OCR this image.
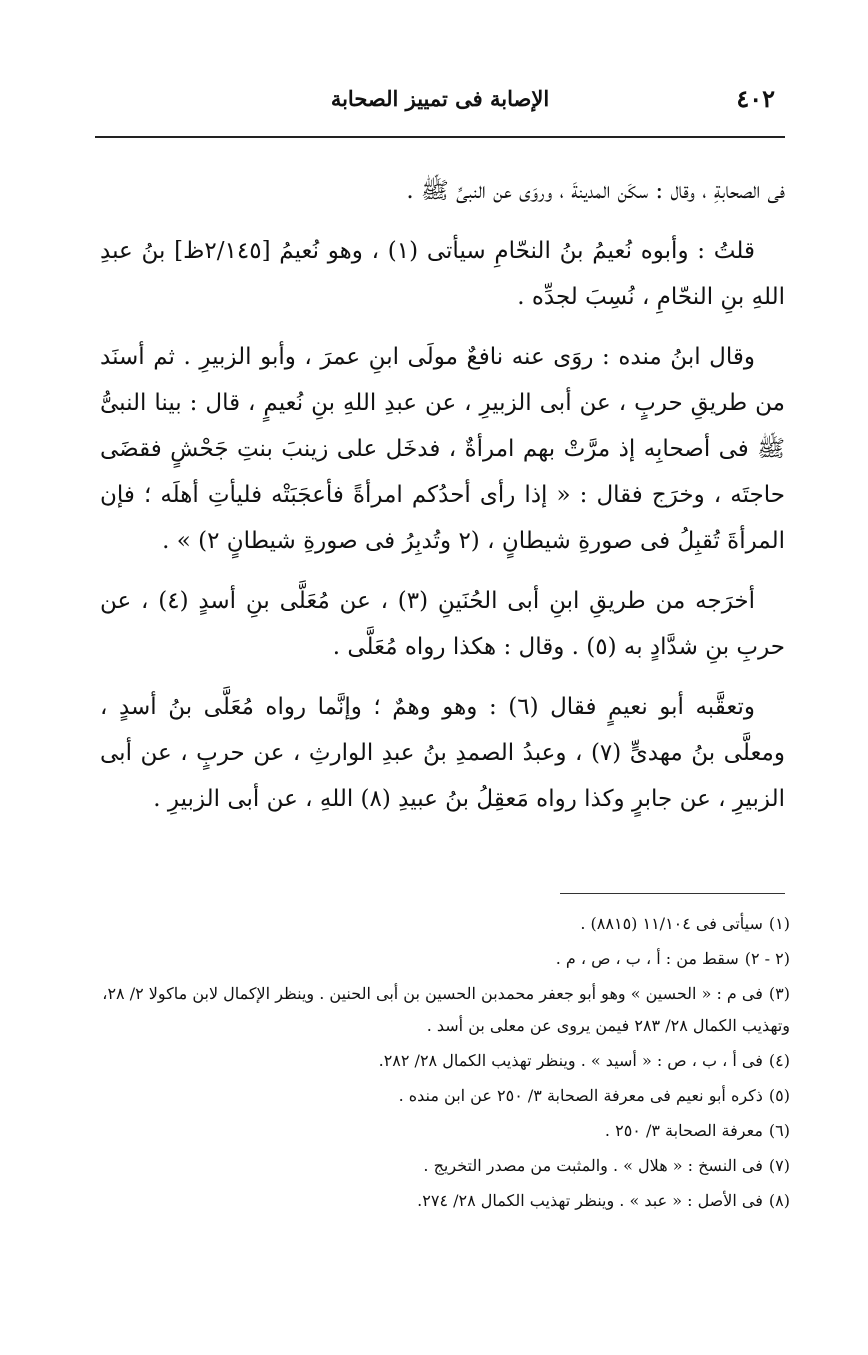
٤٠٢
الإصابة فى تمييز الصحابة

فى الصحابةِ ، وقال : سكَن المدينةَ ، وروَى عن النبىِّ ﷺ .

قلتُ : وأبوه نُعيمُ بنُ النحّامِ سيأتى (١) ، وهو نُعيمُ [٢/١٤٥ظ] بنُ عبدِ اللهِ بنِ النحّامِ ، نُسِبَ لجدِّه .

وقال ابنُ منده : روَى عنه نافعٌ مولَى ابنِ عمرَ ، وأبو الزبيرِ . ثم أسنَد من طريقِ حربٍ ، عن أبى الزبيرِ ، عن عبدِ اللهِ بنِ نُعيمٍ ، قال : بينا النبىُّ ﷺ فى أصحابِه إذ مرَّتْ بهم امرأةٌ ، فدخَل على زينبَ بنتِ جَحْشٍ فقضَى حاجتَه ، وخرَج فقال : « إذا رأى أحدُكم امرأةً فأعجَبَتْه فليأتِ أهلَه ؛ فإن المرأةَ تُقبِلُ فى صورةِ شيطانٍ ، (٢ وتُدبِرُ فى صورةِ شيطانٍ ٢) » .

أخرَجه من طريقِ ابنِ أبى الحُنَينِ (٣) ، عن مُعَلَّى بنِ أسدٍ (٤) ، عن حربِ بنِ شدَّادٍ به (٥) . وقال : هكذا رواه مُعَلَّى .

وتعقَّبه أبو نعيمٍ فقال (٦) : وهو وهمٌ ؛ وإنَّما رواه مُعَلَّى بنُ أسدٍ ، ومعلَّى بنُ مهدىٍّ (٧) ، وعبدُ الصمدِ بنُ عبدِ الوارثِ ، عن حربٍ ، عن أبى الزبيرِ ، عن جابرٍ وكذا رواه مَعقِلُ بنُ عبيدِ (٨) اللهِ ، عن أبى الزبيرِ .

(١)سيأتى فى ١١/١٠٤ (٨٨١٥) .
(٢ - ٢)سقط من : أ ، ب ، ص ، م .
(٣)فى م : « الحسين » وهو أبو جعفر محمدبن الحسين بن أبى الحنين . وينظر الإكمال لابن ماكولا ٢/ ٢٨، وتهذيب الكمال ٢٨/ ٢٨٣ فيمن يروى عن معلى بن أسد .
(٤)فى أ ، ب ، ص : « أسيد » . وينظر تهذيب الكمال ٢٨/ ٢٨٢.
(٥)ذكره أبو نعيم فى معرفة الصحابة ٣/ ٢٥٠ عن ابن منده .
(٦)معرفة الصحابة ٣/ ٢٥٠ .
(٧)فى النسخ : « هلال » . والمثبت من مصدر التخريج .
(٨)فى الأصل : « عبد » . وينظر تهذيب الكمال ٢٨/ ٢٧٤.
